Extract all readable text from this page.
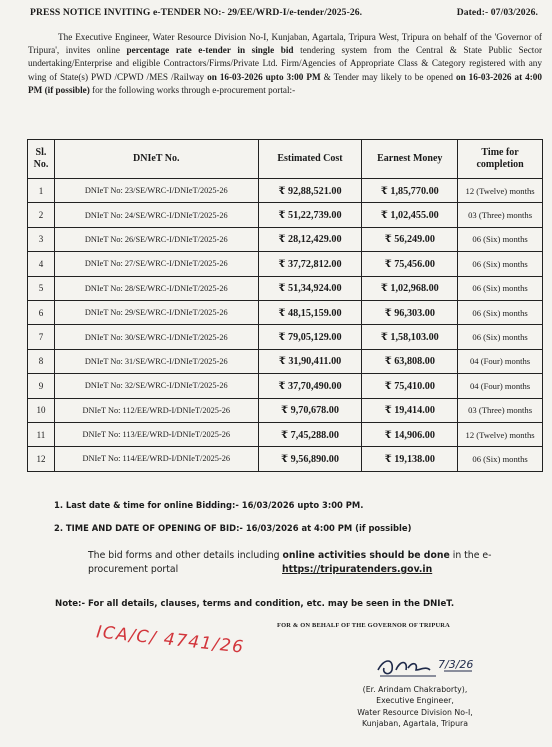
PRESS NOTICE INVITING e-TENDER NO:- 29/EE/WRD-I/e-tender/2025-26.	Dated:- 07/03/2026.
The Executive Engineer, Water Resource Division No-I, Kunjaban, Agartala, Tripura West, Tripura on behalf of the 'Governor of Tripura', invites online percentage rate e-tender in single bid tendering system from the Central & State Public Sector undertaking/Enterprise and eligible Contractors/Firms/Private Ltd. Firm/Agencies of Appropriate Class & Category registered with any wing of State(s) PWD /CPWD /MES /Railway on 16-03-2026 upto 3:00 PM & Tender may likely to be opened on 16-03-2026 at 4:00 PM (if possible) for the following works through e-procurement portal:-
Sl. No.	DNIeT No.	Estimated Cost	Earnest Money	Time for completion
1	DNIeT No: 23/SE/WRC-I/DNIeT/2025-26	₹ 92,88,521.00	₹ 1,85,770.00	12 (Twelve) months
2	DNIeT No: 24/SE/WRC-I/DNIeT/2025-26	₹ 51,22,739.00	₹ 1,02,455.00	03 (Three) months
3	DNIeT No: 26/SE/WRC-I/DNIeT/2025-26	₹ 28,12,429.00	₹ 56,249.00	06 (Six) months
4	DNIeT No: 27/SE/WRC-I/DNIeT/2025-26	₹ 37,72,812.00	₹ 75,456.00	06 (Six) months
5	DNIeT No: 28/SE/WRC-I/DNIeT/2025-26	₹ 51,34,924.00	₹ 1,02,968.00	06 (Six) months
6	DNIeT No: 29/SE/WRC-I/DNIeT/2025-26	₹ 48,15,159.00	₹ 96,303.00	06 (Six) months
7	DNIeT No: 30/SE/WRC-I/DNIeT/2025-26	₹ 79,05,129.00	₹ 1,58,103.00	06 (Six) months
8	DNIeT No: 31/SE/WRC-I/DNIeT/2025-26	₹ 31,90,411.00	₹ 63,808.00	04 (Four) months
9	DNIeT No: 32/SE/WRC-I/DNIeT/2025-26	₹ 37,70,490.00	₹ 75,410.00	04 (Four) months
10	DNIeT No: 112/EE/WRD-I/DNIeT/2025-26	₹ 9,70,678.00	₹ 19,414.00	03 (Three) months
11	DNIeT No: 113/EE/WRD-I/DNIeT/2025-26	₹ 7,45,288.00	₹ 14,906.00	12 (Twelve) months
12	DNIeT No: 114/EE/WRD-I/DNIeT/2025-26	₹ 9,56,890.00	₹ 19,138.00	06 (Six) months
1. Last date & time for online Bidding:- 16/03/2026 upto 3:00 PM.
2. TIME AND DATE OF OPENING OF BID:- 16/03/2026 at 4:00 PM (if possible)
The bid forms and other details including online activities should be done in the e-procurement portal	https://tripuratenders.gov.in
Note:- For all details, clauses, terms and condition, etc. may be seen in the DNIeT.
FOR & ON BEHALF OF THE GOVERNOR OF TRIPURA
ICA/C/ 4741/26
7/3/26
(Er. Arindam Chakraborty),
Executive Engineer,
Water Resource Division No-I,
Kunjaban, Agartala, Tripura
